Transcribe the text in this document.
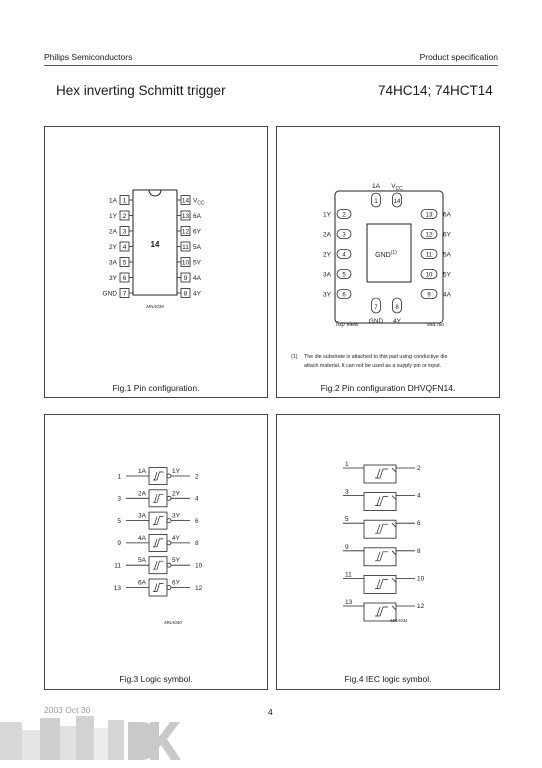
Philips Semiconductors	Product specification
Hex inverting Schmitt trigger	74HC14; 74HCT14
14
1
1A
2
1Y
3
2A
4
2Y
5
3A
6
3Y
7
GND
14 $V_{CC}$
13 6A
12 6Y
11 5A
10 5Y
9 4A
8 4Y
MNA039
Fig.1 Pin configuration.
GND$^{(1)}$
1
1A
14
$V_{CC}$
7
GND
8
4Y
2
1Y
3
2A
4
2Y
5
3A
6
3Y
13 6A
12 6Y
11 5A
10 5Y
9 4A
Top view	MBL760
(1) The die substrate is attached to this pad using conductive die
attach material. It can not be used as a supply pin or input.
Fig.2 Pin configuration DHVQFN14.
1
1A	1Y
2
3
2A	2Y
4
5
3A	3Y
6
9
4A	4Y
8
11
5A	5Y
10
13
6A	6Y
12
MNA040
Fig.3 Logic symbol.
1
2
3
4
5
6
9
8
11
10
13
12
MNA041
Fig.4 IEC logic symbol.
2003 Oct 30	4
